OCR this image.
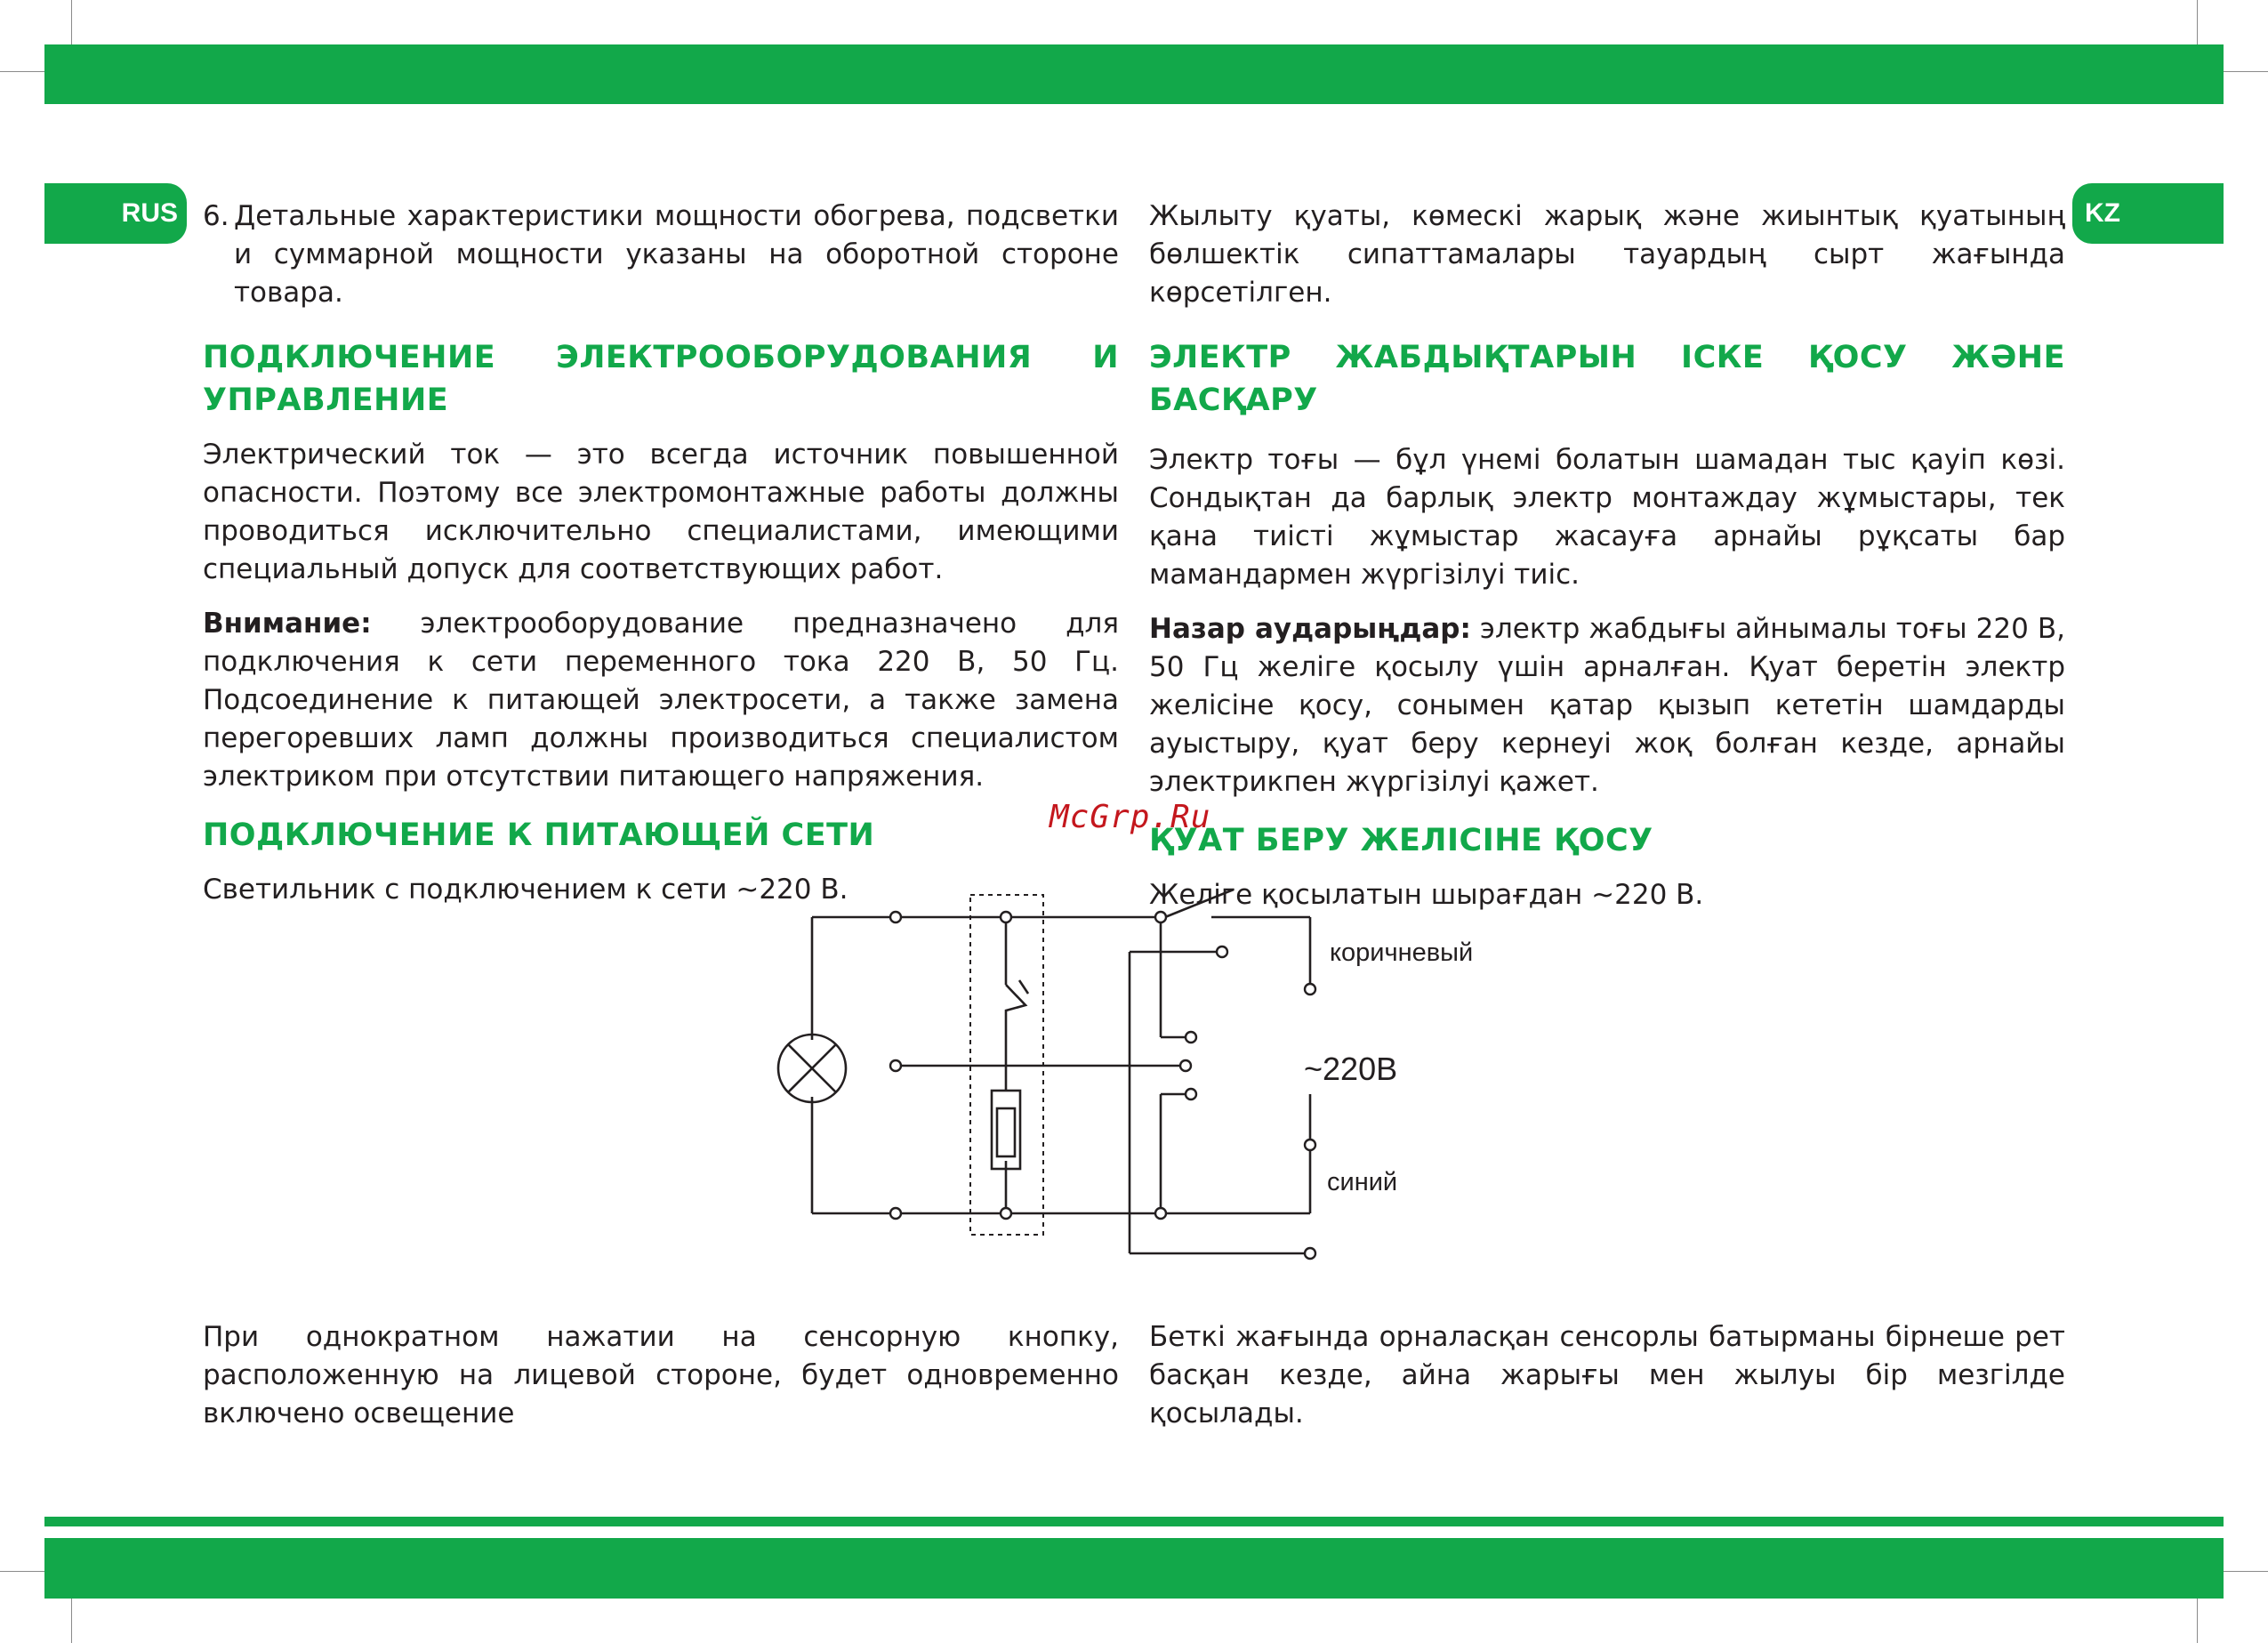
RUS	KZ
6. Детальные характеристики мощности обогрева, подсветки и суммарной мощности указаны на оборотной стороне товара.
ПОДКЛЮЧЕНИЕ ЭЛЕКТРООБОРУДОВАНИЯ И УПРАВЛЕНИЕ

Электрический ток — это всегда источник повышенной опасности. Поэтому все электромонтажные работы должны проводиться исключительно специалистами, имеющими специальный допуск для соответствующих работ.

Внимание: электрооборудование предназначено для подключения к сети переменного тока 220 В, 50 Гц. Подсоединение к питающей электросети, а также замена перегоревших ламп должны производиться специалистом электриком при отсутствии питающего напряжения.

ПОДКЛЮЧЕНИЕ К ПИТАЮЩЕЙ СЕТИ

Светильник с подключением к сети ~220 В.

Жылыту қуаты, көмескі жарық және жиынтық қуатының бөлшектік сипаттамалары тауардың сырт жағында көрсетілген.

ЭЛЕКТР ЖАБДЫҚТАРЫН ІСКЕ ҚОСУ ЖӘНЕ БАСҚАРУ

Электр тоғы — бұл үнемі болатын шамадан тыс қауіп көзі. Сондықтан да барлық электр монтаждау жұмыстары, тек қана тиісті жұмыстар жасауға арнайы рұқсаты бар мамандармен жүргізілуі тиіс.

Назар аударыңдар: электр жабдығы айнымалы тоғы 220 В, 50 Гц желіге қосылу үшін арналған. Қуат беретін электр желісіне қосу, сонымен қатар қызып кететін шамдарды ауыстыру, қуат беру кернеуі жоқ болған кезде, арнайы электрикпен жүргізілуі қажет.

ҚУАТ БЕРУ ЖЕЛІСІНЕ ҚОСУ

Желіге қосылатын шырағдан ~220 В.

McGrp.Ru
коричневый
~220В
синий

При однократном нажатии на сенсорную кнопку, расположенную на лицевой стороне, будет одновременно включено освещение

Беткі жағында орналасқан сенсорлы батырманы бірнеше рет басқан кезде, айна жарығы мен жылуы бір мезгілде қосылады.
